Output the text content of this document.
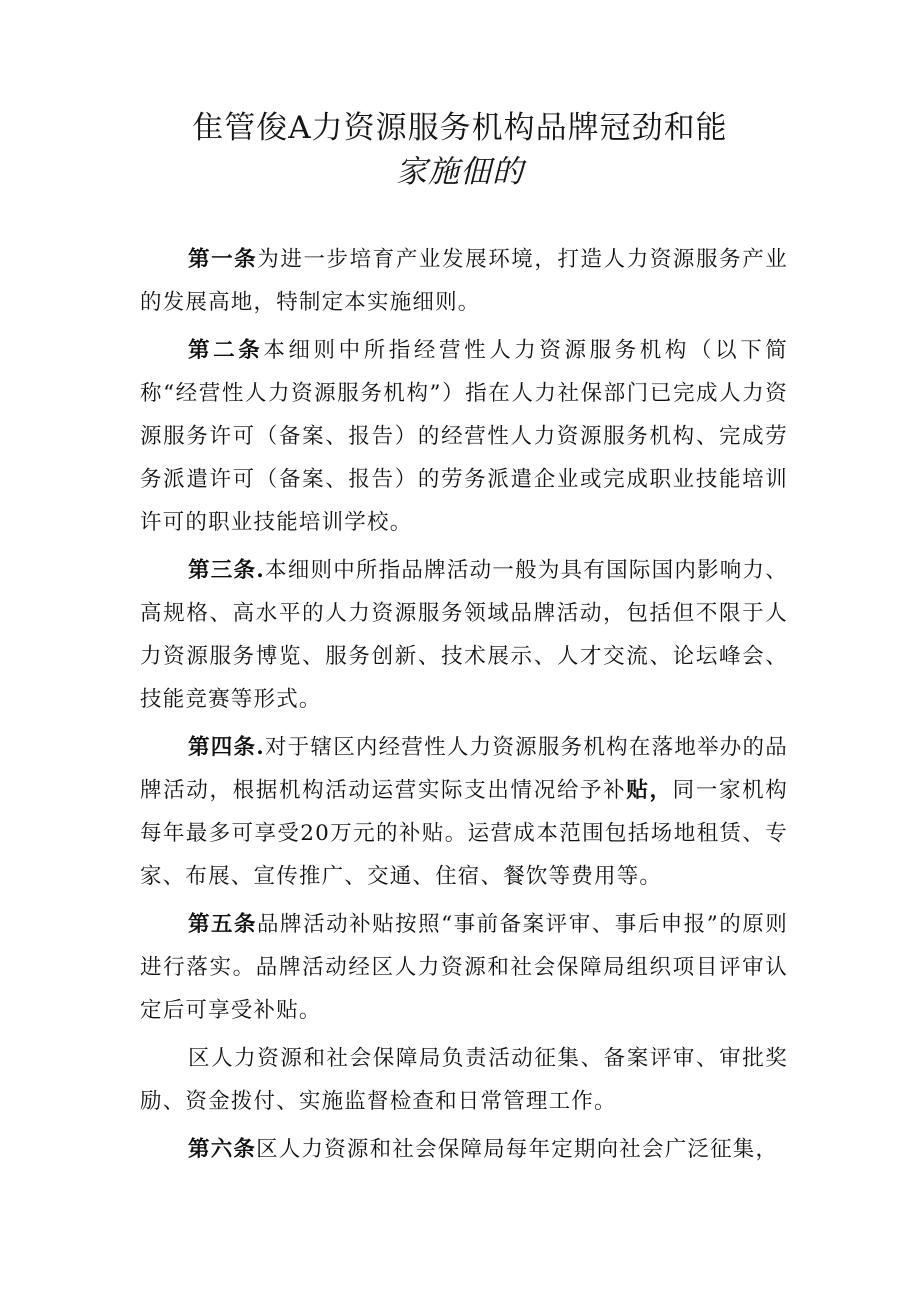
隹管俊A力资源服务机构品牌冠劲和能
家施佃的

第一条为进一步培育产业发展环境，打造人力资源服务产业的发展高地，特制定本实施细则。

第二条本细则中所指经营性人力资源服务机构（以下简称“经营性人力资源服务机构”）指在人力社保部门已完成人力资源服务许可（备案、报告）的经营性人力资源服务机构、完成劳务派遣许可（备案、报告）的劳务派遣企业或完成职业技能培训许可的职业技能培训学校。

第三条.本细则中所指品牌活动一般为具有国际国内影响力、高规格、高水平的人力资源服务领域品牌活动，包括但不限于人力资源服务博览、服务创新、技术展示、人才交流、论坛峰会、技能竞赛等形式。

第四条.对于辖区内经营性人力资源服务机构在落地举办的品牌活动，根据机构活动运营实际支出情况给予补贴，同一家机构每年最多可享受20万元的补贴。运营成本范围包括场地租赁、专家、布展、宣传推广、交通、住宿、餐饮等费用等。

第五条品牌活动补贴按照“事前备案评审、事后申报”的原则进行落实。品牌活动经区人力资源和社会保障局组织项目评审认定后可享受补贴。

区人力资源和社会保障局负责活动征集、备案评审、审批奖励、资金拨付、实施监督检查和日常管理工作。

第六条区人力资源和社会保障局每年定期向社会广泛征集，
